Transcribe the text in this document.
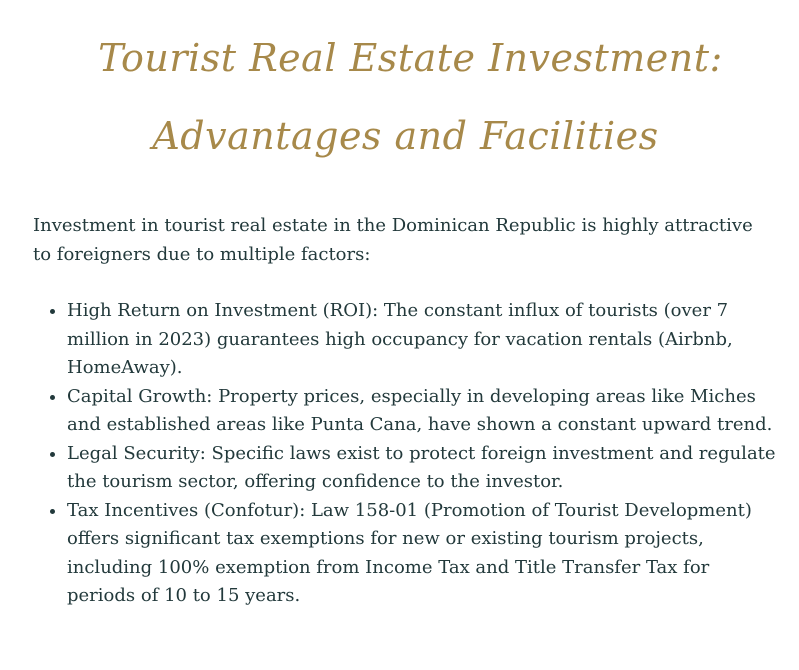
Tourist Real Estate Investment:
Advantages and Facilities

Investment in tourist real estate in the Dominican Republic is highly attractive to foreigners due to multiple factors:

• High Return on Investment (ROI): The constant influx of tourists (over 7 million in 2023) guarantees high occupancy for vacation rentals (Airbnb, HomeAway).
• Capital Growth: Property prices, especially in developing areas like Miches and established areas like Punta Cana, have shown a constant upward trend.
• Legal Security: Specific laws exist to protect foreign investment and regulate the tourism sector, offering confidence to the investor.
• Tax Incentives (Confotur): Law 158-01 (Promotion of Tourist Development) offers significant tax exemptions for new or existing tourism projects, including 100% exemption from Income Tax and Title Transfer Tax for periods of 10 to 15 years.
